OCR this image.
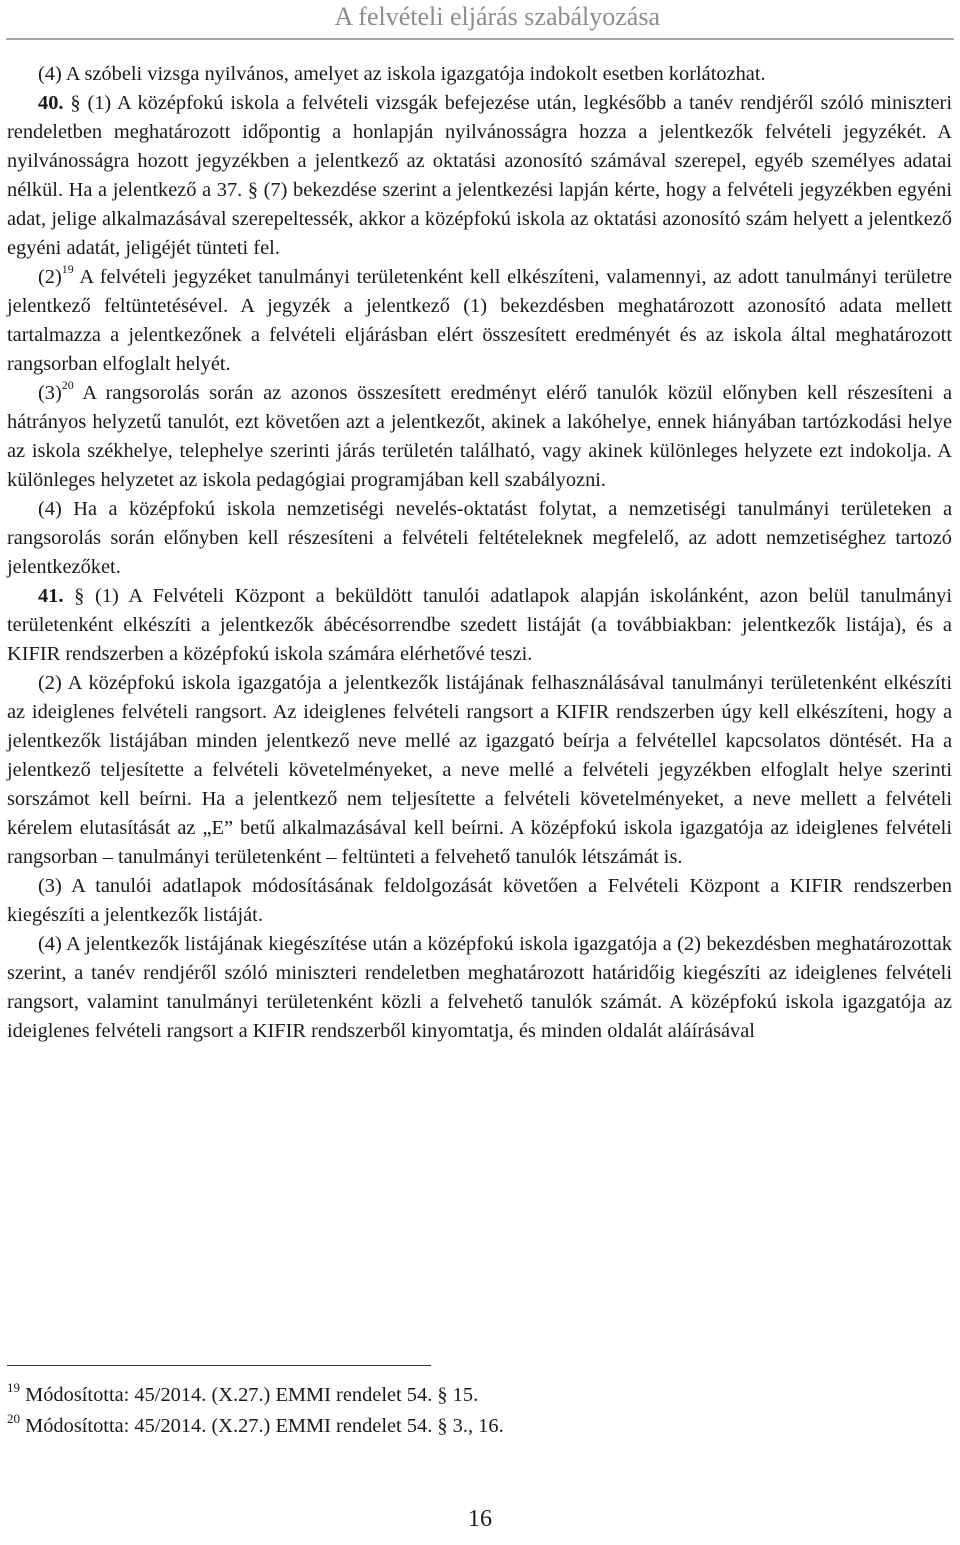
A felvételi eljárás szabályozása

(4) A szóbeli vizsga nyilvános, amelyet az iskola igazgatója indokolt esetben korlátozhat.

40. § (1) A középfokú iskola a felvételi vizsgák befejezése után, legkésőbb a tanév rendjéről szóló miniszteri rendeletben meghatározott időpontig a honlapján nyilvánosságra hozza a jelentkezők felvételi jegyzékét. A nyilvánosságra hozott jegyzékben a jelentkező az oktatási azonosító számával szerepel, egyéb személyes adatai nélkül. Ha a jelentkező a 37. § (7) bekezdése szerint a jelentkezési lapján kérte, hogy a felvételi jegyzékben egyéni adat, jelige alkalmazásával szerepeltessék, akkor a középfokú iskola az oktatási azonosító szám helyett a jelentkező egyéni adatát, jeligéjét tünteti fel.

(2)$^{19}$ A felvételi jegyzéket tanulmányi területenként kell elkészíteni, valamennyi, az adott tanulmányi területre jelentkező feltüntetésével. A jegyzék a jelentkező (1) bekezdésben meghatározott azonosító adata mellett tartalmazza a jelentkezőnek a felvételi eljárásban elért összesített eredményét és az iskola által meghatározott rangsorban elfoglalt helyét.

(3)$^{20}$ A rangsorolás során az azonos összesített eredményt elérő tanulók közül előnyben kell részesíteni a hátrányos helyzetű tanulót, ezt követően azt a jelentkezőt, akinek a lakóhelye, ennek hiányában tartózkodási helye az iskola székhelye, telephelye szerinti járás területén található, vagy akinek különleges helyzete ezt indokolja. A különleges helyzetet az iskola pedagógiai programjában kell szabályozni.

(4) Ha a középfokú iskola nemzetiségi nevelés-oktatást folytat, a nemzetiségi tanulmányi területeken a rangsorolás során előnyben kell részesíteni a felvételi feltételeknek megfelelő, az adott nemzetiséghez tartozó jelentkezőket.

41. § (1) A Felvételi Központ a beküldött tanulói adatlapok alapján iskolánként, azon belül tanulmányi területenként elkészíti a jelentkezők ábécésorrendbe szedett listáját (a továbbiakban: jelentkezők listája), és a KIFIR rendszerben a középfokú iskola számára elérhetővé teszi.

(2) A középfokú iskola igazgatója a jelentkezők listájának felhasználásával tanulmányi területenként elkészíti az ideiglenes felvételi rangsort. Az ideiglenes felvételi rangsort a KIFIR rendszerben úgy kell elkészíteni, hogy a jelentkezők listájában minden jelentkező neve mellé az igazgató beírja a felvétellel kapcsolatos döntését. Ha a jelentkező teljesítette a felvételi követelményeket, a neve mellé a felvételi jegyzékben elfoglalt helye szerinti sorszámot kell beírni. Ha a jelentkező nem teljesítette a felvételi követelményeket, a neve mellett a felvételi kérelem elutasítását az „E” betű alkalmazásával kell beírni. A középfokú iskola igazgatója az ideiglenes felvételi rangsorban – tanulmányi területenként – feltünteti a felvehető tanulók létszámát is.

(3) A tanulói adatlapok módosításának feldolgozását követően a Felvételi Központ a KIFIR rendszerben kiegészíti a jelentkezők listáját.

(4) A jelentkezők listájának kiegészítése után a középfokú iskola igazgatója a (2) bekezdésben meghatározottak szerint, a tanév rendjéről szóló miniszteri rendeletben meghatározott határidőig kiegészíti az ideiglenes felvételi rangsort, valamint tanulmányi területenként közli a felvehető tanulók számát. A középfokú iskola igazgatója az ideiglenes felvételi rangsort a KIFIR rendszerből kinyomtatja, és minden oldalát aláírásával

$^{19}$ Módosította: 45/2014. (X.27.) EMMI rendelet 54. § 15.

$^{20}$ Módosította: 45/2014. (X.27.) EMMI rendelet 54. § 3., 16.

16
